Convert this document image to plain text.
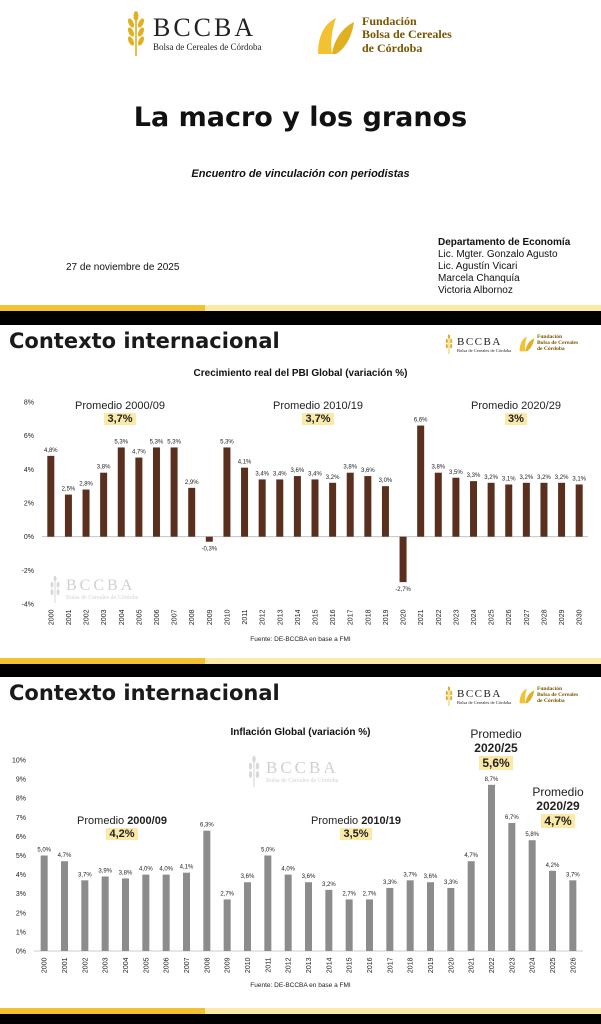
BCCBA
Bolsa de Cereales de Córdoba
Fundación
Bolsa de Cereales
de Córdoba
La macro y los granos
Encuentro de vinculación con periodistas
27 de noviembre de 2025
Departamento de Economía
Lic. Mgter. Gonzalo Agusto
Lic. Agustín Vicari
Marcela Chanquía
Victoria Albornoz
Contexto internacional	BCCBA
Bolsa de Cereales de Córdoba
Fundación
Bolsa de Cereales
de Córdoba
Crecimiento real del PBI Global (variación %)
BCCBA
Bolsa de Cereales de Córdoba
Promedio 2000/09
3,7%
Promedio 2010/19
3,7%
Promedio 2020/29
3%
-4%
-2%
0%
2%
4%
6%
8%
4,8%
2000
2,5%
2001
2,8%
2002
3,8%
2003
5,3%
2004
4,7%
2005
5,3%
2006
5,3%
2007
2,9%
2008
-0,3%
2009
5,3%
2010
4,1%
2011
3,4%
2012
3,4%
2013
3,6%
2014
3,4%
2015
3,2%
2016
3,8%
2017
3,6%
2018
3,0%
2019
-2,7%
2020
6,6%
2021
3,8%
2022
3,5%
2023
3,3%
2024
3,2%
2025
3,1%
2026
3,2%
2027
3,2%
2028
3,2%
2029
3,1%
2030
Fuente: DE-BCCBA en base a FMI
Contexto internacional	BCCBA
Bolsa de Cereales de Córdoba
Fundación
Bolsa de Cereales
de Córdoba
Inflación Global (variación %)
BCCBA
Bolsa de Cereales de Córdoba
Promedio 2000/09
4,2%
Promedio 2010/19
3,5%
Promedio
2020/25
5,6%
Promedio
2020/29
4,7%
0%
1%
2%
3%
4%
5%
6%
7%
8%
9%
10%
5,0%
2000
4,7%
2001
3,7%
2002
3,9%
2003
3,8%
2004
4,0%
2005
4,0%
2006
4,1%
2007
6,3%
2008
2,7%
2009
3,6%
2010
5,0%
2011
4,0%
2012
3,6%
2013
3,2%
2014
2,7%
2015
2,7%
2016
3,3%
2017
3,7%
2018
3,6%
2019
3,3%
2020
4,7%
2021
8,7%
2022
6,7%
2023
5,8%
2024
4,2%
2025
3,7%
2026
Fuente: DE-BCCBA en base a FMI
